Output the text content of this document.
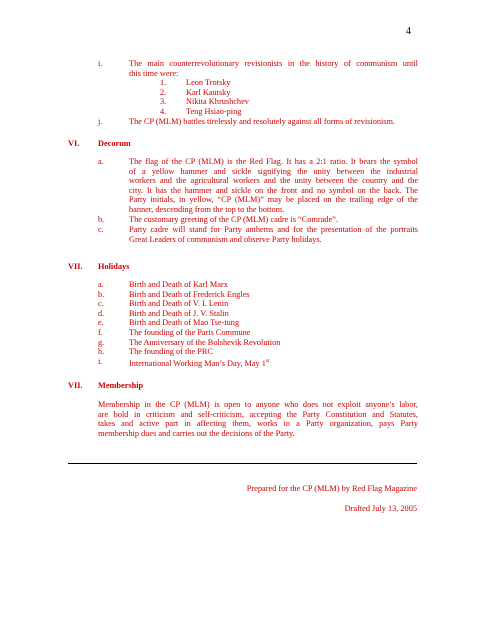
4
i.	The main counterrevolutionary revisionists in the history of communism until
this time were:
1. Leon Trotsky
2. Karl Kautsky
3. Nikita Khrushchev
4. Teng Hsiao-ping
j.	The CP (MLM) battles tirelessly and resolutely against all forms of revisionism.
VI. Decorum
a.	The flag of the CP (MLM) is the Red Flag. It has a 2:1 ratio. It bears the symbol
of a yellow hammer and sickle signifying the unity between the industrial
workers and the agricultural workers and the unity between the country and the
city. It has the hammer and sickle on the front and no symbol on the back. The
Party initials, in yellow, “CP (MLM)” may be placed on the trailing edge of the
banner, descending from the top to the bottom.
b.	The customary greeting of the CP (MLM) cadre is “Comrade”.
c.	Party cadre will stand for Party anthems and for the presentation of the portraits
Great Leaders of communism and observe Party holidays.
VII. Holidays
a.	Birth and Death of Karl Marx
b.	Birth and Death of Frederick Engles
c.	Birth and Death of V. I. Lenin
d.	Birth and Death of J. V. Stalin
e.	Birth and Death of Mao Tse-tung
f.	The founding of the Paris Commune
g.	The Anniversary of the Bolshevik Revolution
h.	The founding of the PRC
i.	International Working Man’s Day, May 1st
VII. Membership
Membership in the CP (MLM) is open to anyone who does not exploit anyone’s labor,
are bold in criticism and self-criticism, accepting the Party Constitution and Statutes,
takes and active part in affecting them, works in a Party organization, pays Party
membership dues and carries out the decisions of the Party.
Prepared for the CP (MLM) by Red Flag Magazine
Drafted July 13, 2005
